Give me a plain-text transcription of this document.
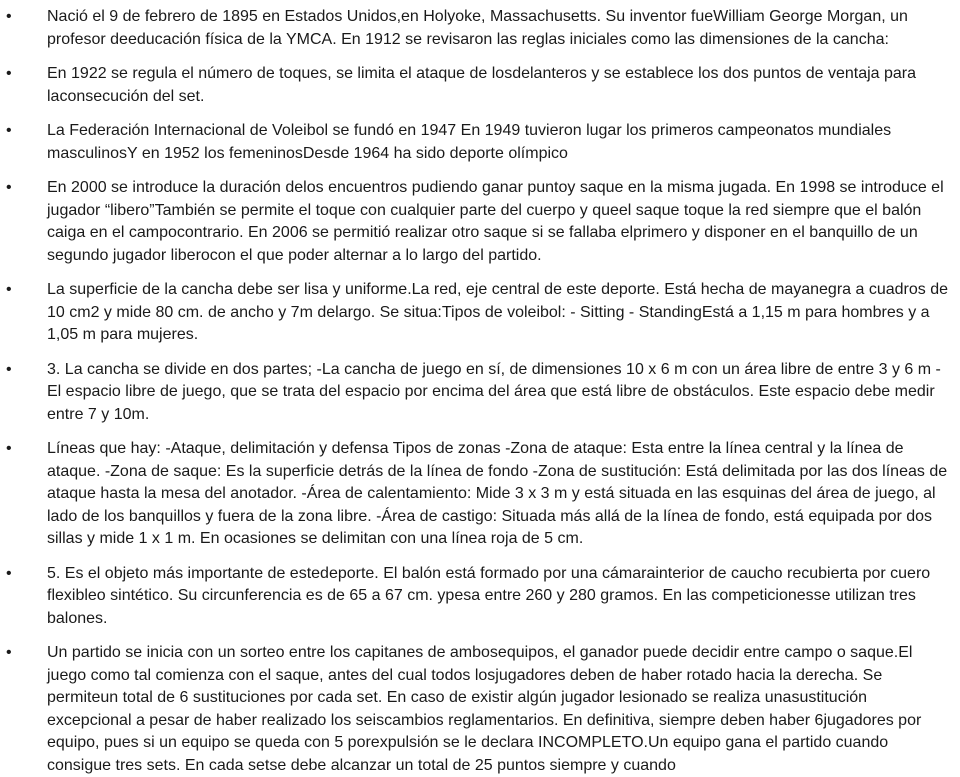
• Nació el 9 de febrero de 1895 en Estados Unidos,en Holyoke, Massachusetts. Su inventor fueWilliam George Morgan, un profesor deeducación física de la YMCA. En 1912 se revisaron las reglas iniciales como las dimensiones de la cancha:
• En 1922 se regula el número de toques, se limita el ataque de losdelanteros y se establece los dos puntos de ventaja para laconsecución del set.
• La Federación Internacional de Voleibol se fundó en 1947 En 1949 tuvieron lugar los primeros campeonatos mundiales masculinosY en 1952 los femeninosDesde 1964 ha sido deporte olímpico
• En 2000 se introduce la duración delos encuentros pudiendo ganar puntoy saque en la misma jugada. En 1998 se introduce el jugador “libero”También se permite el toque con cualquier parte del cuerpo y queel saque toque la red siempre que el balón caiga en el campocontrario. En 2006 se permitió realizar otro saque si se fallaba elprimero y disponer en el banquillo de un segundo jugador liberocon el que poder alternar a lo largo del partido.
• La superficie de la cancha debe ser lisa y uniforme.La red, eje central de este deporte. Está hecha de mayanegra a cuadros de 10 cm2 y mide 80 cm. de ancho y 7m delargo. Se situa:Tipos de voleibol: - Sitting - StandingEstá a 1,15 m para hombres y a 1,05 m para mujeres.
• 3. La cancha se divide en dos partes; -La cancha de juego en sí, de dimensiones 10 x 6 m con un área libre de entre 3 y 6 m -El espacio libre de juego, que se trata del espacio por encima del área que está libre de obstáculos. Este espacio debe medir entre 7 y 10m.
• Líneas que hay: -Ataque, delimitación y defensa Tipos de zonas -Zona de ataque: Esta entre la línea central y la línea de ataque. -Zona de saque: Es la superficie detrás de la línea de fondo -Zona de sustitución: Está delimitada por las dos líneas de ataque hasta la mesa del anotador. -Área de calentamiento: Mide 3 x 3 m y está situada en las esquinas del área de juego, al lado de los banquillos y fuera de la zona libre. -Área de castigo: Situada más allá de la línea de fondo, está equipada por dos sillas y mide 1 x 1 m. En ocasiones se delimitan con una línea roja de 5 cm.
• 5. Es el objeto más importante de estedeporte. El balón está formado por una cámarainterior de caucho recubierta por cuero flexibleo sintético. Su circunferencia es de 65 a 67 cm. ypesa entre 260 y 280 gramos. En las competicionesse utilizan tres balones.
• Un partido se inicia con un sorteo entre los capitanes de ambosequipos, el ganador puede decidir entre campo o saque.El juego como tal comienza con el saque, antes del cual todos losjugadores deben de haber rotado hacia la derecha. Se permiteun total de 6 sustituciones por cada set. En caso de existir algún jugador lesionado se realiza unasustitución excepcional a pesar de haber realizado los seiscambios reglamentarios. En definitiva, siempre deben haber 6jugadores por equipo, pues si un equipo se queda con 5 porexpulsión se le declara INCOMPLETO.Un equipo gana el partido cuando consigue tres sets. En cada setse debe alcanzar un total de 25 puntos siempre y cuando
